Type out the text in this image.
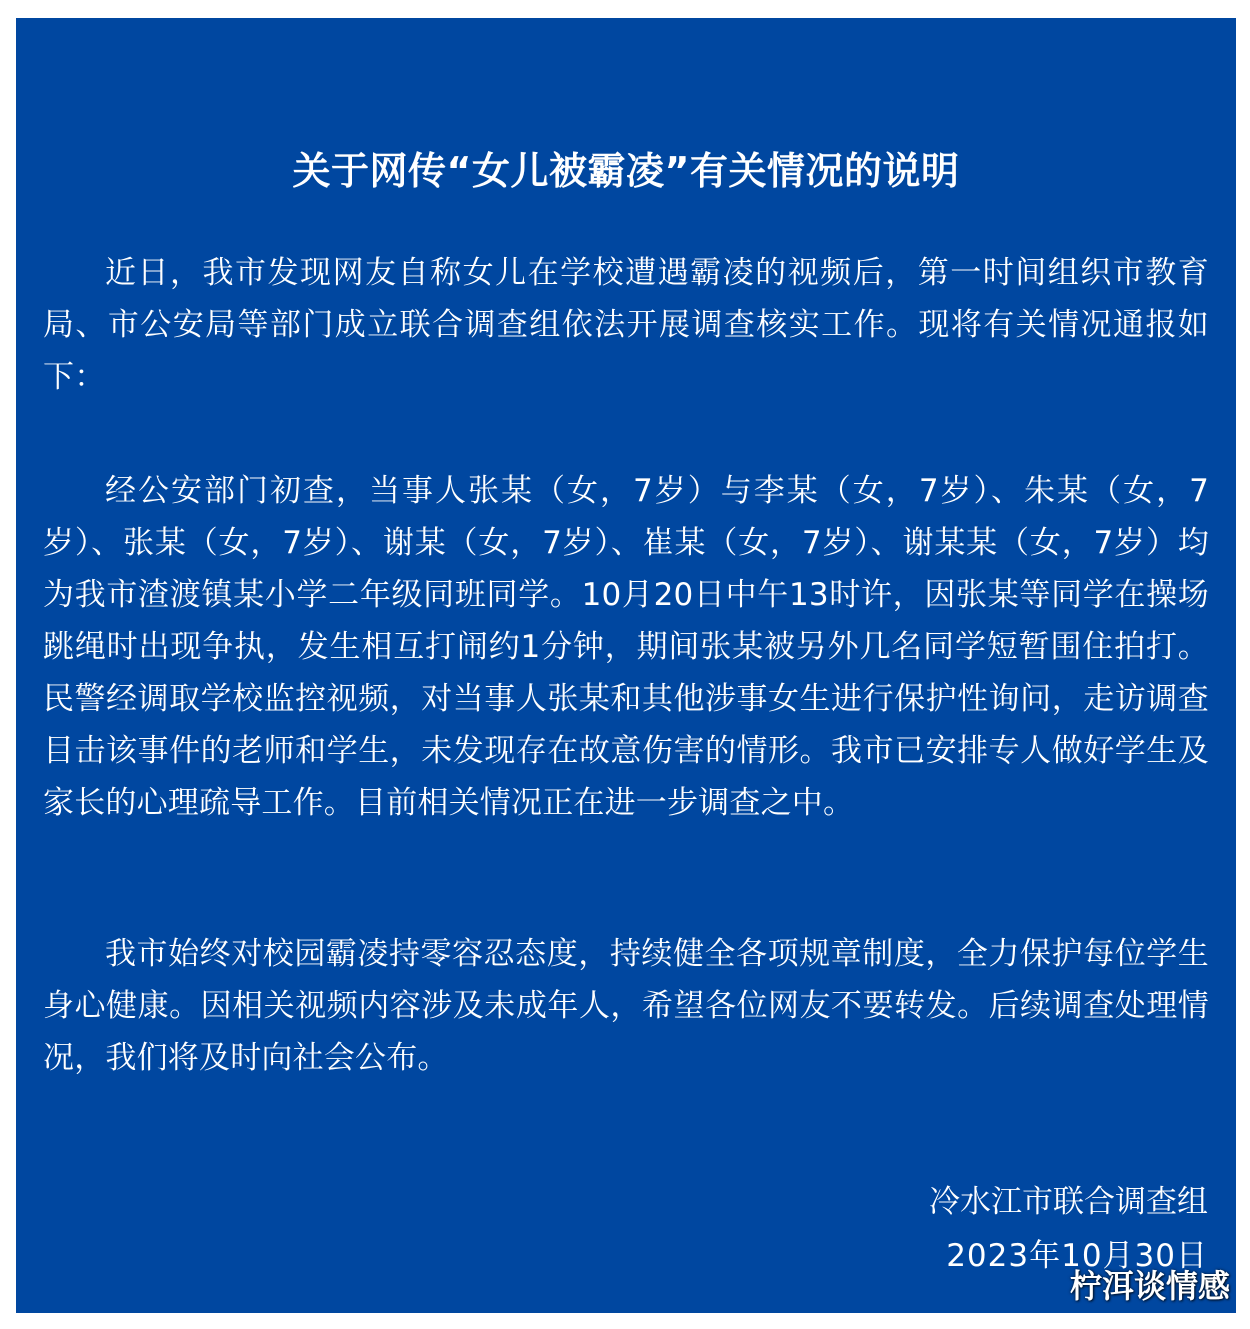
关于网传“女儿被霸凌”有关情况的说明

近日，我市发现网友自称女儿在学校遭遇霸凌的视频后，第一时间组织市教育局、市公安局等部门成立联合调查组依法开展调查核实工作。现将有关情况通报如下：

经公安部门初查，当事人张某（女，7岁）与李某（女，7岁）、朱某（女，7岁）、张某（女，7岁）、谢某（女，7岁）、崔某（女，7岁）、谢某某（女，7岁）均为我市渣渡镇某小学二年级同班同学。10月20日中午13时许，因张某等同学在操场跳绳时出现争执，发生相互打闹约1分钟，期间张某被另外几名同学短暂围住拍打。民警经调取学校监控视频，对当事人张某和其他涉事女生进行保护性询问，走访调查目击该事件的老师和学生，未发现存在故意伤害的情形。我市已安排专人做好学生及家长的心理疏导工作。目前相关情况正在进一步调查之中。

我市始终对校园霸凌持零容忍态度，持续健全各项规章制度，全力保护每位学生身心健康。因相关视频内容涉及未成年人，希望各位网友不要转发。后续调查处理情况，我们将及时向社会公布。

冷水江市联合调查组

2023年10月30日

柠洱谈情感
